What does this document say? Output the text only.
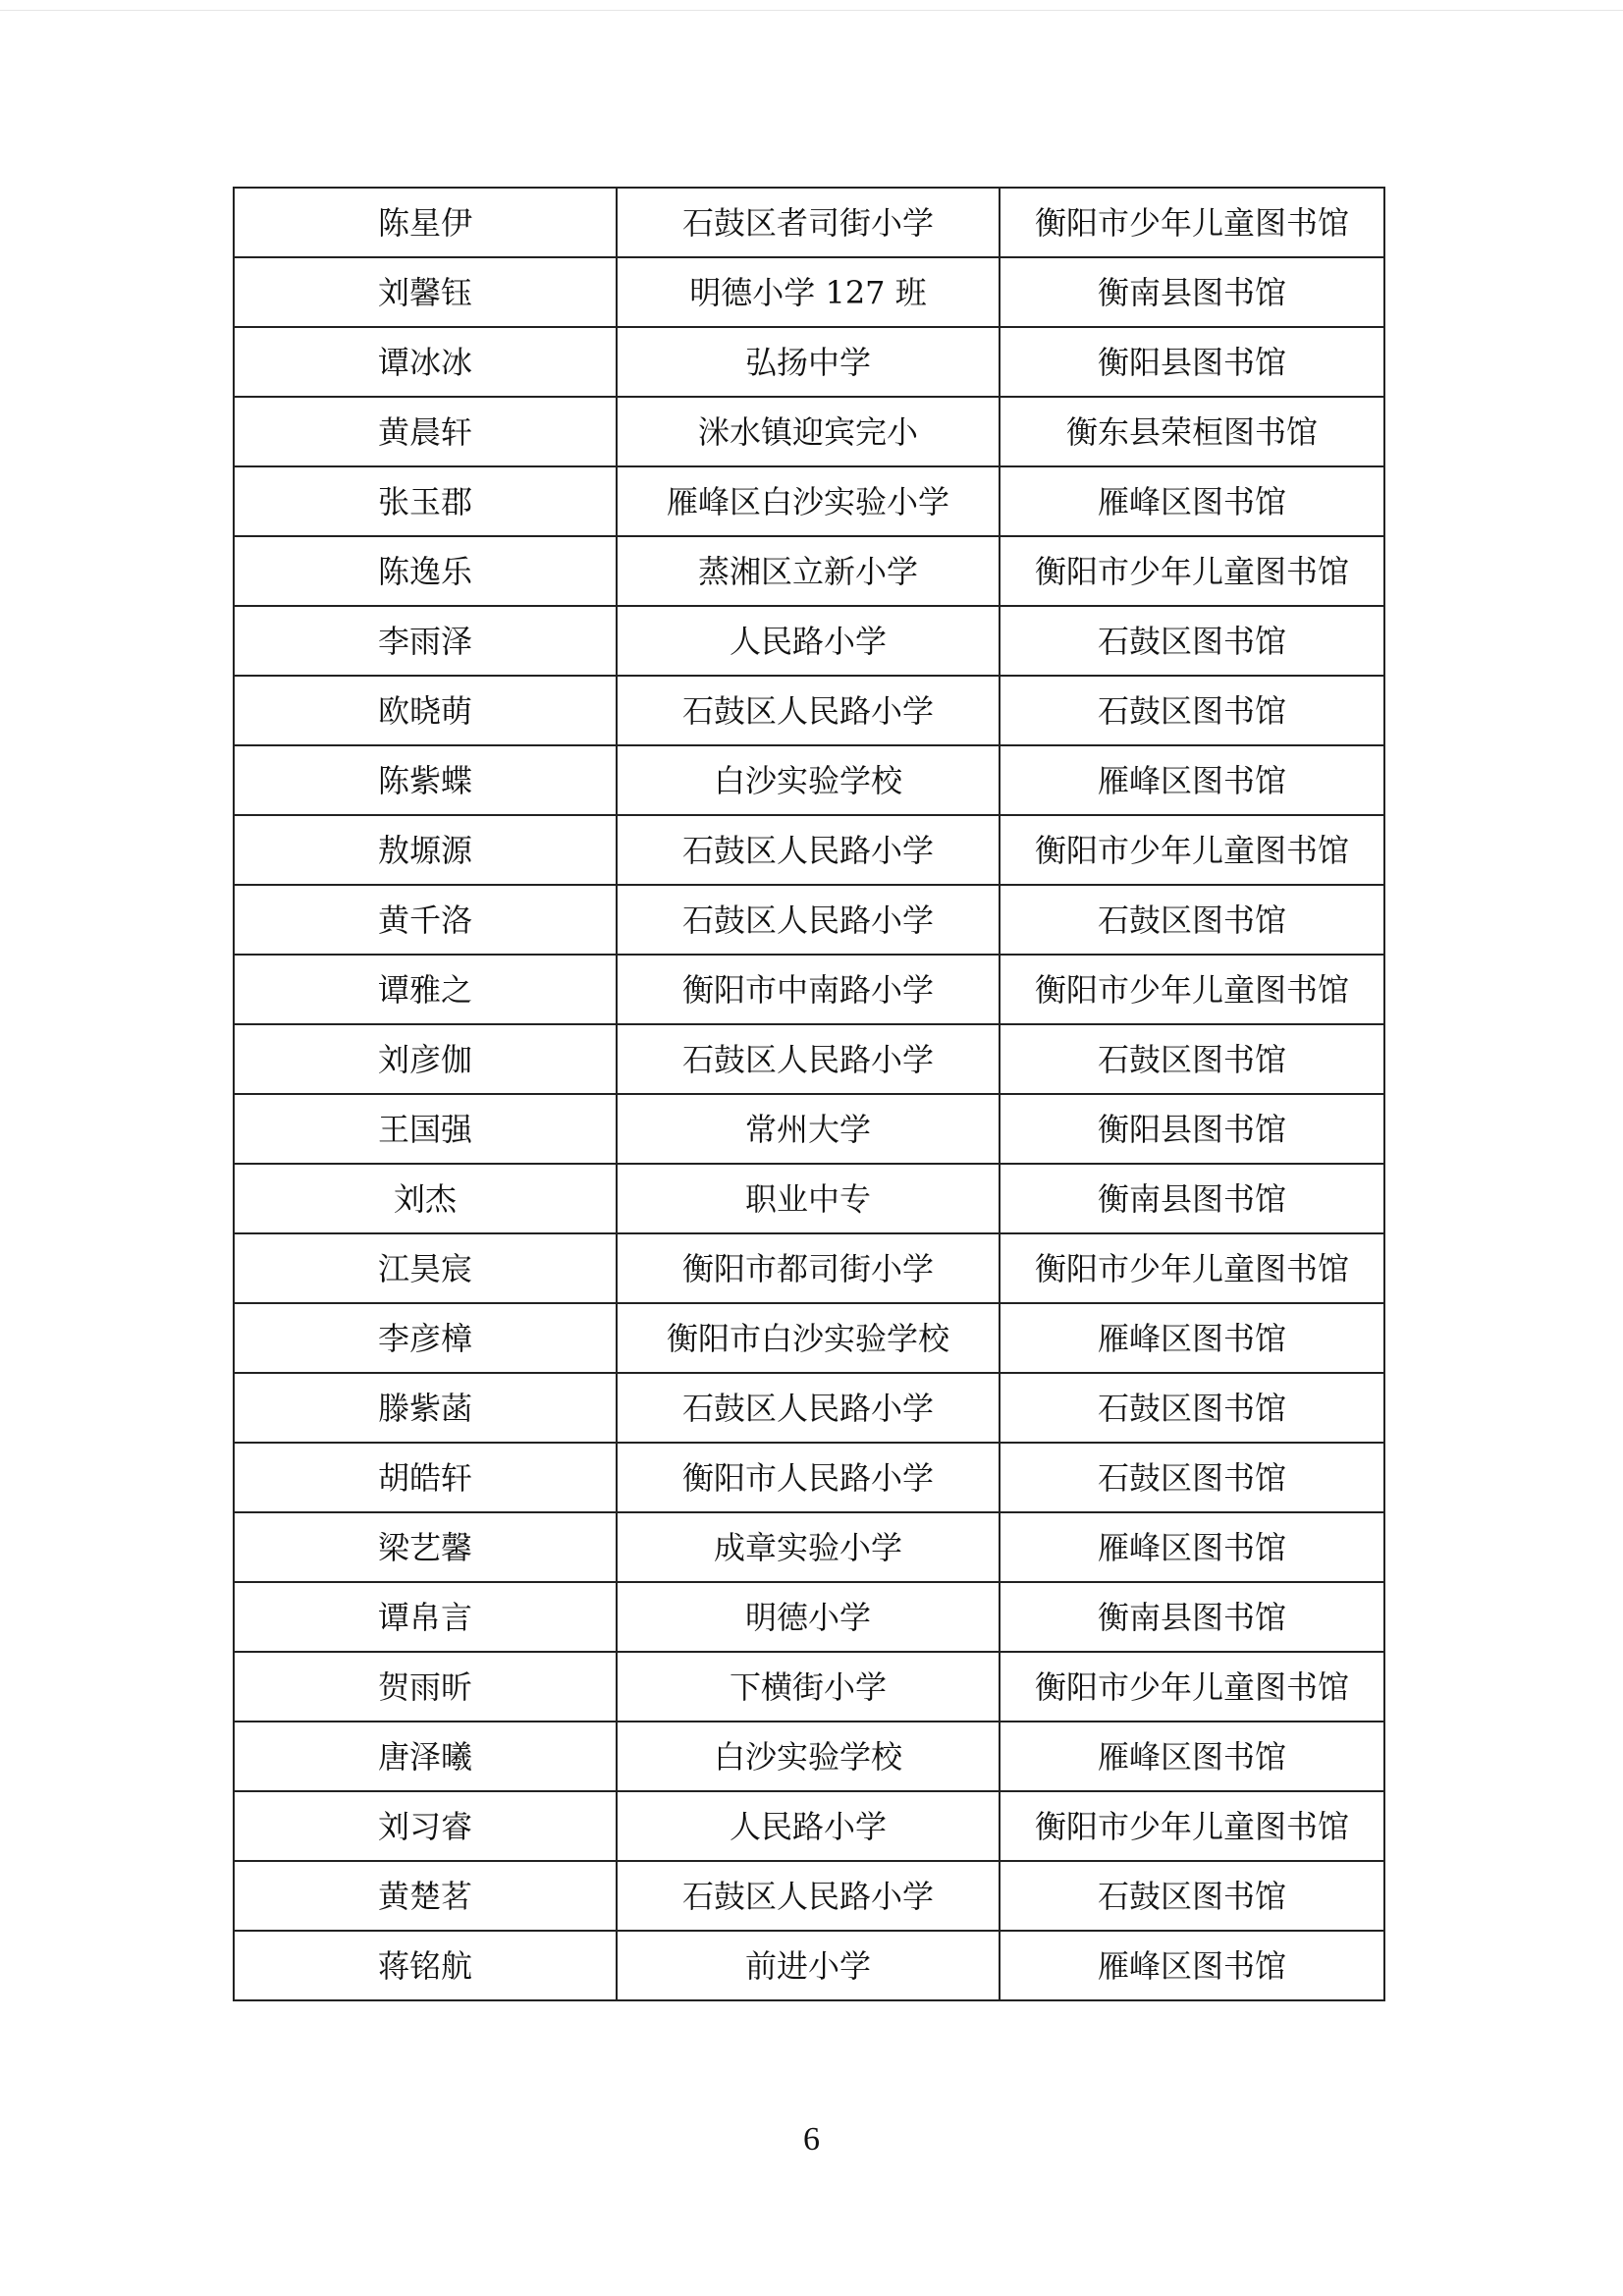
陈星伊	石鼓区者司街小学	衡阳市少年儿童图书馆
刘馨钰	明德小学 127 班	衡南县图书馆
谭冰冰	弘扬中学	衡阳县图书馆
黄晨轩	洣水镇迎宾完小	衡东县荣桓图书馆
张玉郡	雁峰区白沙实验小学	雁峰区图书馆
陈逸乐	蒸湘区立新小学	衡阳市少年儿童图书馆
李雨泽	人民路小学	石鼓区图书馆
欧晓萌	石鼓区人民路小学	石鼓区图书馆
陈紫蝶	白沙实验学校	雁峰区图书馆
敖塬源	石鼓区人民路小学	衡阳市少年儿童图书馆
黄千洛	石鼓区人民路小学	石鼓区图书馆
谭雅之	衡阳市中南路小学	衡阳市少年儿童图书馆
刘彦伽	石鼓区人民路小学	石鼓区图书馆
王国强	常州大学	衡阳县图书馆
刘杰	职业中专	衡南县图书馆
江昊宸	衡阳市都司街小学	衡阳市少年儿童图书馆
李彦樟	衡阳市白沙实验学校	雁峰区图书馆
滕紫菡	石鼓区人民路小学	石鼓区图书馆
胡皓轩	衡阳市人民路小学	石鼓区图书馆
梁艺馨	成章实验小学	雁峰区图书馆
谭帛言	明德小学	衡南县图书馆
贺雨昕	下横街小学	衡阳市少年儿童图书馆
唐泽曦	白沙实验学校	雁峰区图书馆
刘习睿	人民路小学	衡阳市少年儿童图书馆
黄楚茗	石鼓区人民路小学	石鼓区图书馆
蒋铭航	前进小学	雁峰区图书馆
6
